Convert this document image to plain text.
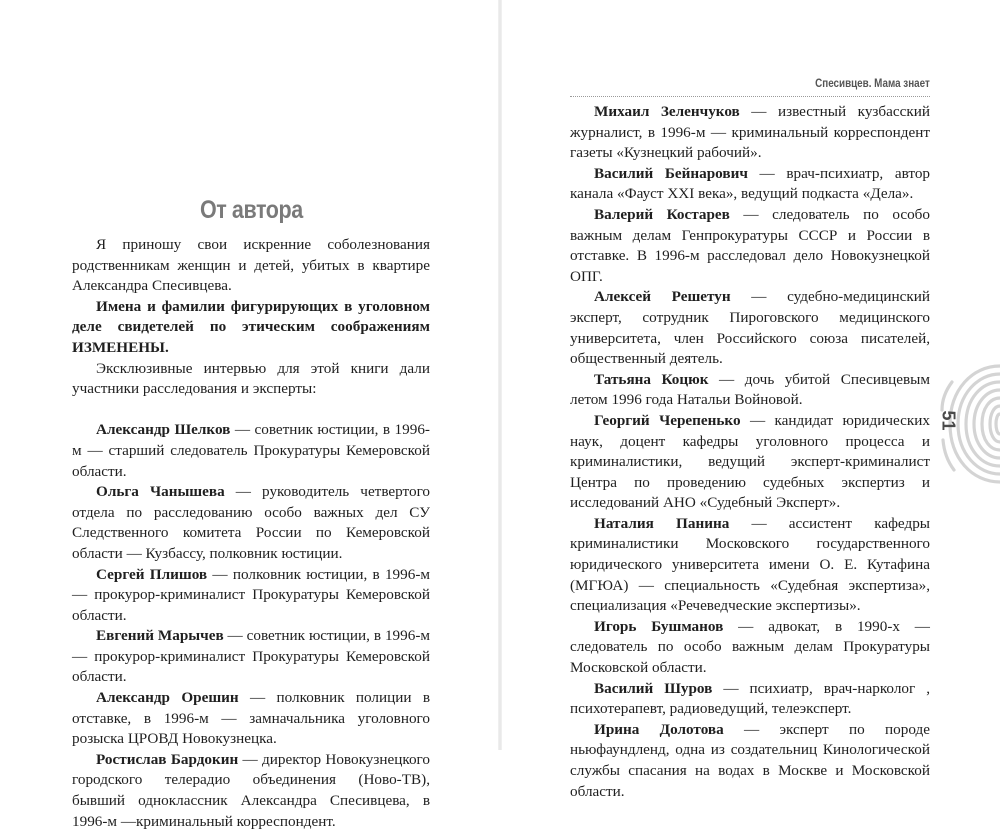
От автора

Я приношу свои искренние соболезнования родственникам женщин и детей, убитых в квартире Александра Спесивцева.

Имена и фамилии фигурирующих в уголовном деле свидетелей по этическим соображениям ИЗМЕНЕНЫ.

Эксклюзивные интервью для этой книги дали участники расследования и эксперты:

Александр Шелков — советник юстиции, в 1996-м — старший следователь Прокуратуры Кемеровской области.

Ольга Чанышева — руководитель четвертого отдела по расследованию особо важных дел СУ Следственного комитета России по Кемеровской области — Кузбассу, полковник юстиции.

Сергей Плишов — полковник юстиции, в 1996-м — прокурор-криминалист Прокуратуры Кемеровской области.

Евгений Марычев — советник юстиции, в 1996-м — прокурор-криминалист Прокуратуры Кемеровской области.

Александр Орешин — полковник полиции в отставке, в 1996-м — замначальника уголовного розыска ЦРОВД Новокузнецка.

Ростислав Бардокин — директор Новокузнецкого городского телерадио объединения (Ново-ТВ), бывший одноклассник Александра Спесивцева, в 1996-м —криминальный корреспондент.

Спесивцев. Мама знает

Михаил Зеленчуков — известный кузбасский журналист, в 1996-м — криминальный корреспондент газеты «Кузнецкий рабочий».

Василий Бейнарович — врач-психиатр, автор канала «Фауст XXI века», ведущий подкаста «Дела».

Валерий Костарев — следователь по особо важным делам Генпрокуратуры СССР и России в отставке. В 1996-м расследовал дело Новокузнецкой ОПГ.

Алексей Решетун — судебно-медицинский эксперт, сотрудник Пироговского медицинского университета, член Российского союза писателей, общественный деятель.

Татьяна Коцюк — дочь убитой Спесивцевым летом 1996 года Натальи Войновой.

Георгий Черепенько — кандидат юридических наук, доцент кафедры уголовного процесса и криминалистики, ведущий эксперт-криминалист Центра по проведению судебных экспертиз и исследований АНО «Судебный Эксперт».

Наталия Панина — ассистент кафедры криминалистики Московского государственного юридического университета имени О. Е. Кутафина (МГЮА) — специальность «Судебная экспертиза», специализация «Речеведческие экспертизы».

Игорь Бушманов — адвокат, в 1990-х — следователь по особо важным делам Прокуратуры Московской области.

Василий Шуров — психиатр, врач-нарколог , психотерапевт, радиоведущий, телеэксперт.

Ирина Долотова — эксперт по породе ньюфаундленд, одна из создательниц Кинологической службы спасания на водах в Москве и Московской области.

51
